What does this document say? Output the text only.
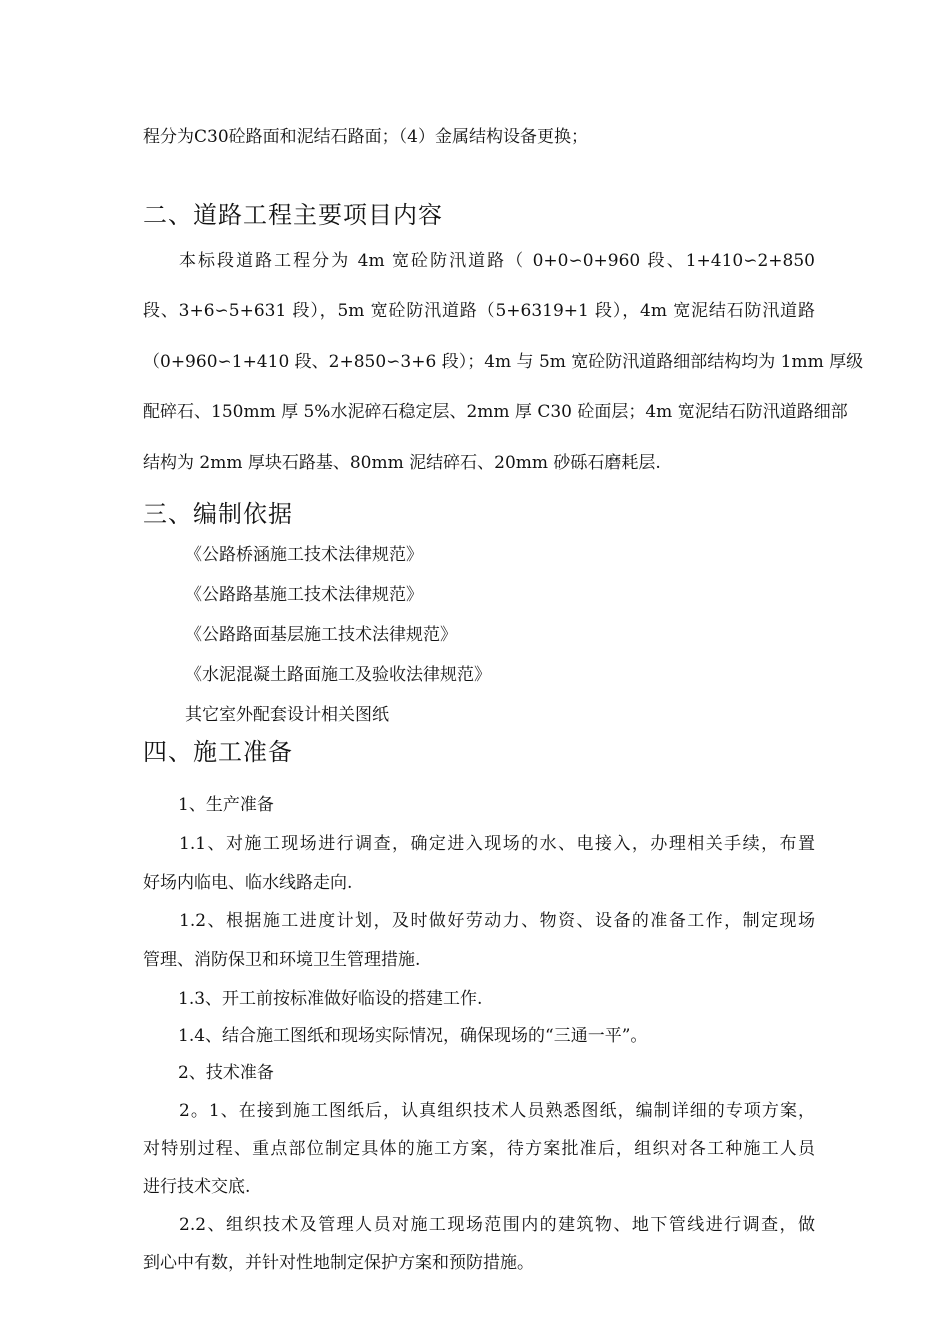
程分为C30砼路面和泥结石路面；（4）金属结构设备更换；
二、道路工程主要项目内容
本标段道路工程分为 4m 宽砼防汛道路（ 0+0∽0+960 段、1+410∽2+850
段、3+6∽5+631 段），5m 宽砼防汛道路（5+6319+1 段），4m 宽泥结石防汛道路
（0+960∽1+410 段、2+850∽3+6 段）；4m 与 5m 宽砼防汛道路细部结构均为 1mm 厚级
配碎石、150mm 厚 5%水泥碎石稳定层、2mm 厚 C30 砼面层；4m 宽泥结石防汛道路细部
结构为 2mm 厚块石路基、80mm 泥结碎石、20mm 砂砾石磨耗层.
三、编制依据
《公路桥涵施工技术法律规范》
《公路路基施工技术法律规范》
《公路路面基层施工技术法律规范》
《水泥混凝土路面施工及验收法律规范》
其它室外配套设计相关图纸
四、施工准备
1、生产准备
1.1、对施工现场进行调查，确定进入现场的水、电接入，办理相关手续，布置
好场内临电、临水线路走向.
1.2、根据施工进度计划，及时做好劳动力、物资、设备的准备工作，制定现场
管理、消防保卫和环境卫生管理措施.
1.3、开工前按标准做好临设的搭建工作.
1.4、结合施工图纸和现场实际情况，确保现场的“三通一平”。
2、技术准备
2。1、在接到施工图纸后，认真组织技术人员熟悉图纸，编制详细的专项方案，
对特别过程、重点部位制定具体的施工方案，待方案批准后，组织对各工种施工人员
进行技术交底.
2.2、组织技术及管理人员对施工现场范围内的建筑物、地下管线进行调查，做
到心中有数，并针对性地制定保护方案和预防措施。
